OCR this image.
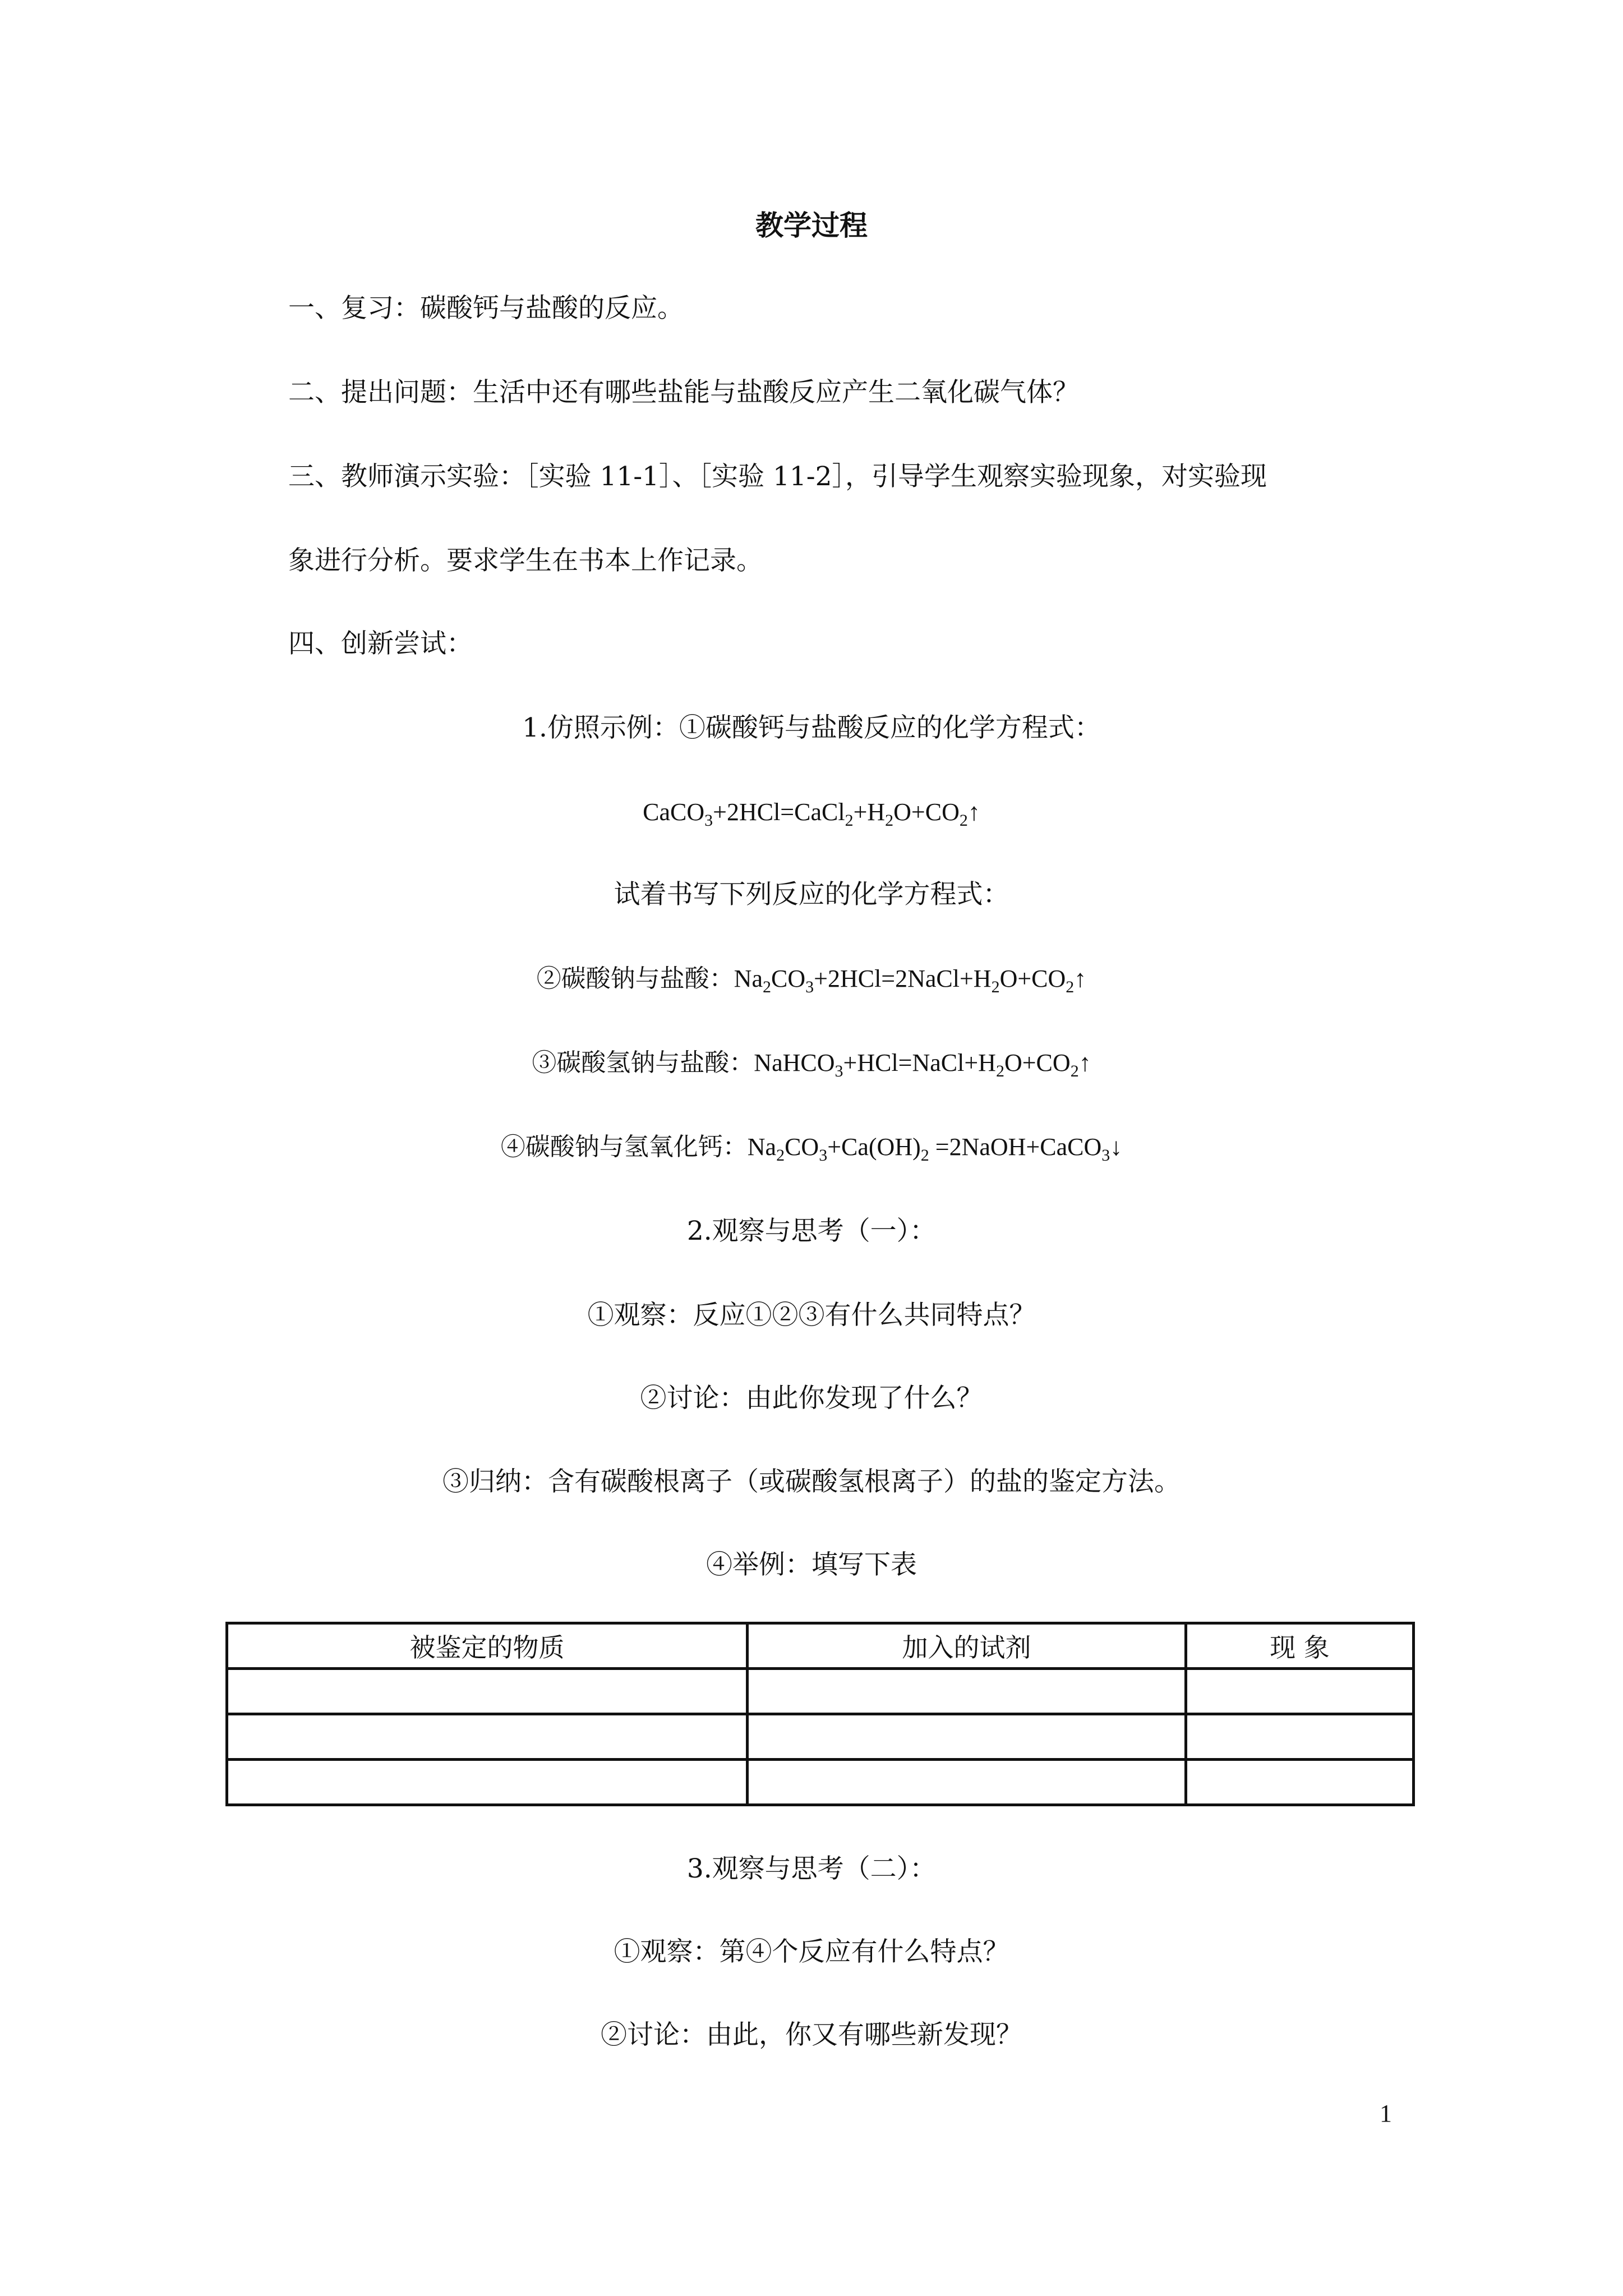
教学过程
一、复习：碳酸钙与盐酸的反应。
二、提出问题：生活中还有哪些盐能与盐酸反应产生二氧化碳气体？
三、教师演示实验：［实验 11-1］、［实验 11-2］，引导学生观察实验现象，对实验现
象进行分析。要求学生在书本上作记录。
四、创新尝试：
1.仿照示例：①碳酸钙与盐酸反应的化学方程式：
$CaCO_3+2HCl=CaCl_2+H_2O+CO_2↑$
试着书写下列反应的化学方程式：
②碳酸钠与盐酸：$Na_2CO_3+2HCl=2NaCl+H_2O+CO_2↑$
③碳酸氢钠与盐酸：$NaHCO_3+HCl=NaCl+H_2O+CO_2↑$
④碳酸钠与氢氧化钙：$Na_2CO_3+Ca(OH)_2$ =2NaOH+CaCO$_3$↓
2.观察与思考（一）：
①观察：反应①②③有什么共同特点？
②讨论：由此你发现了什么？
③归纳：含有碳酸根离子（或碳酸氢根离子）的盐的鉴定方法。
④举例：填写下表
被鉴定的物质	加入的试剂	现 象

3.观察与思考（二）：
①观察：第④个反应有什么特点？
②讨论：由此，你又有哪些新发现？
1
